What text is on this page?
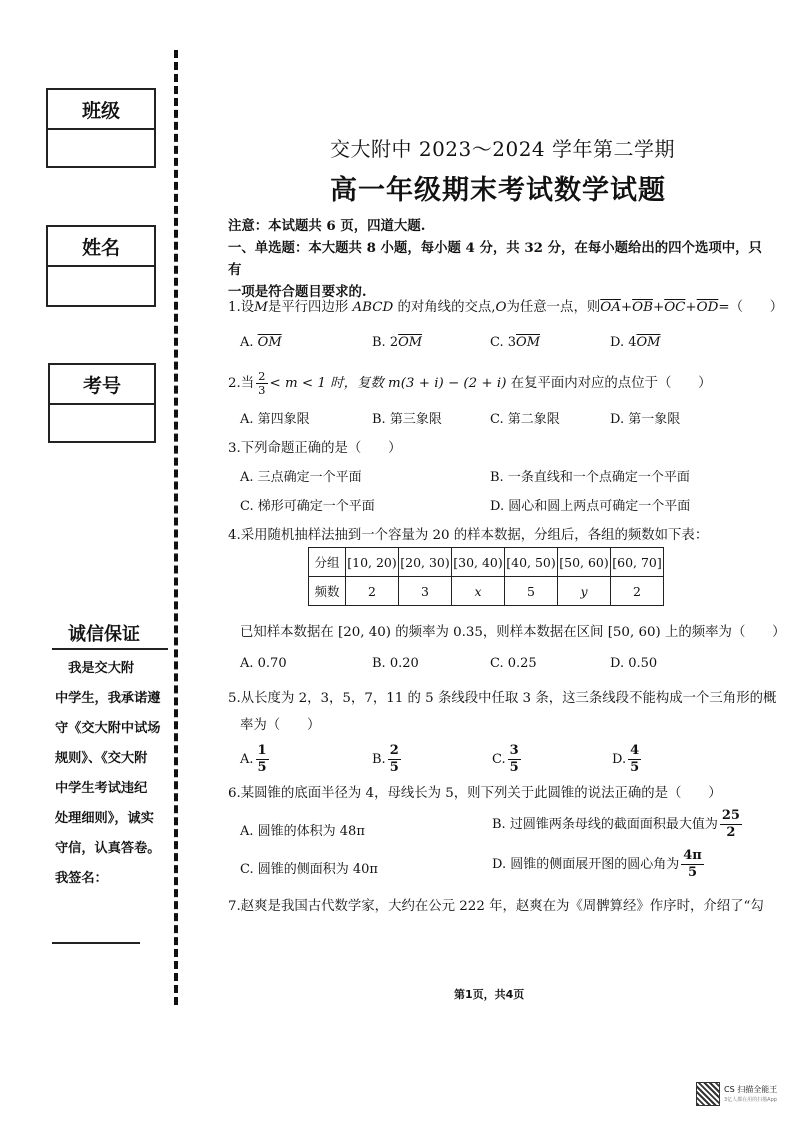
班级
姓名
考号
诚信保证
　我是交大附
中学生，我承诺遵
守《交大附中试场
规则》、《交大附
中学生考试违纪
处理细则》，诚实
守信，认真答卷。
我签名：
交大附中 2023～2024 学年第二学期
高一年级期末考试数学试题
注意：本试题共 6 页，四道大题.
一、单选题：本大题共 8 小题，每小题 4 分，共 32 分，在每小题给出的四个选项中，只有
一项是符合题目要求的.
1.设M是平行四边形 ABCD 的对角线的交点,O为任意一点，则$\overline{OA}+\overline{OB}+\overline{OC}+\overline{OD}=$（　　）
A. $\overline{OM}$	B. $2\overline{OM}$	C. $3\overline{OM}$	D. $4\overline{OM}$
2.当 $\frac{2}{3} < m < 1$ 时，复数 m(3 + i) − (2 + i) 在复平面内对应的点位于（　　）
A. 第四象限	B. 第三象限	C. 第二象限	D. 第一象限
3.下列命题正确的是（　　）
A. 三点确定一个平面	B. 一条直线和一个点确定一个平面
C. 梯形可确定一个平面	D. 圆心和圆上两点可确定一个平面
4.采用随机抽样法抽到一个容量为 20 的样本数据，分组后，各组的频数如下表：
分组	[10, 20)	[20, 30)	[30, 40)	[40, 50)	[50, 60)	[60, 70]
频数	2	3	x	5	y	2
已知样本数据在 [20, 40) 的频率为 0.35，则样本数据在区间 [50, 60) 上的频率为（　　）
A. 0.70	B. 0.20	C. 0.25	D. 0.50
5.从长度为 2，3，5，7，11 的 5 条线段中任取 3 条，这三条线段不能构成一个三角形的概
率为（　　）
A. $\frac{1}{5}$	B. $\frac{2}{5}$	C. $\frac{3}{5}$	D. $\frac{4}{5}$
6.某圆锥的底面半径为 4，母线长为 5，则下列关于此圆锥的说法正确的是（　　）
A. 圆锥的体积为 48π	B. 过圆锥两条母线的截面面积最大值为 $\frac{25}{2}$
C. 圆锥的侧面积为 40π	D. 圆锥的侧面展开图的圆心角为 $\frac{4\pi}{5}$
7.赵爽是我国古代数学家，大约在公元 222 年，赵爽在为《周髀算经》作序时，介绍了“勾
第1页，共4页
CS 扫描全能王
3亿人都在用的扫描App
